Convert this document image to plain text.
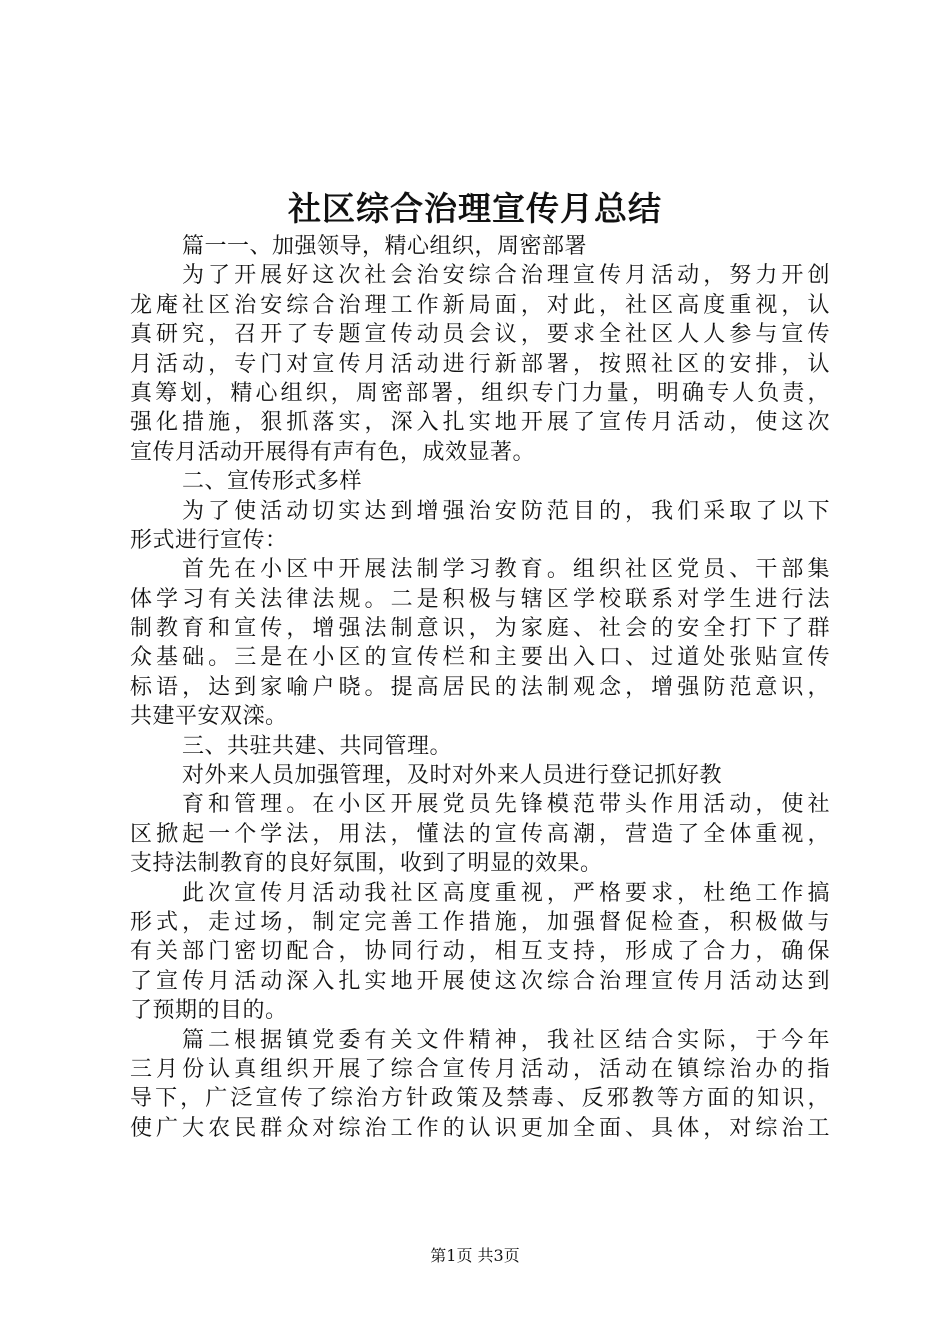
社区综合治理宣传月总结
篇一一、加强领导，精心组织，周密部署
为了开展好这次社会治安综合治理宣传月活动，努力开创
龙庵社区治安综合治理工作新局面，对此，社区高度重视，认
真研究，召开了专题宣传动员会议，要求全社区人人参与宣传
月活动，专门对宣传月活动进行新部署，按照社区的安排，认
真筹划，精心组织，周密部署，组织专门力量，明确专人负责，
强化措施，狠抓落实，深入扎实地开展了宣传月活动，使这次
宣传月活动开展得有声有色，成效显著。
二、宣传形式多样
为了使活动切实达到增强治安防范目的，我们采取了以下
形式进行宣传：
首先在小区中开展法制学习教育。组织社区党员、干部集
体学习有关法律法规。二是积极与辖区学校联系对学生进行法
制教育和宣传，增强法制意识，为家庭、社会的安全打下了群
众基础。三是在小区的宣传栏和主要出入口、过道处张贴宣传
标语，达到家喻户晓。提高居民的法制观念，增强防范意识，
共建平安双滦。
三、共驻共建、共同管理。
对外来人员加强管理，及时对外来人员进行登记抓好教
育和管理。在小区开展党员先锋模范带头作用活动，使社
区掀起一个学法，用法，懂法的宣传高潮，营造了全体重视，
支持法制教育的良好氛围，收到了明显的效果。
此次宣传月活动我社区高度重视，严格要求，杜绝工作搞
形式，走过场，制定完善工作措施，加强督促检查，积极做与
有关部门密切配合，协同行动，相互支持，形成了合力，确保
了宣传月活动深入扎实地开展使这次综合治理宣传月活动达到
了预期的目的。
篇二根据镇党委有关文件精神，我社区结合实际，于今年
三月份认真组织开展了综合宣传月活动，活动在镇综治办的指
导下，广泛宣传了综治方针政策及禁毒、反邪教等方面的知识，
使广大农民群众对综治工作的认识更加全面、具体，对综治工
第1页 共3页
